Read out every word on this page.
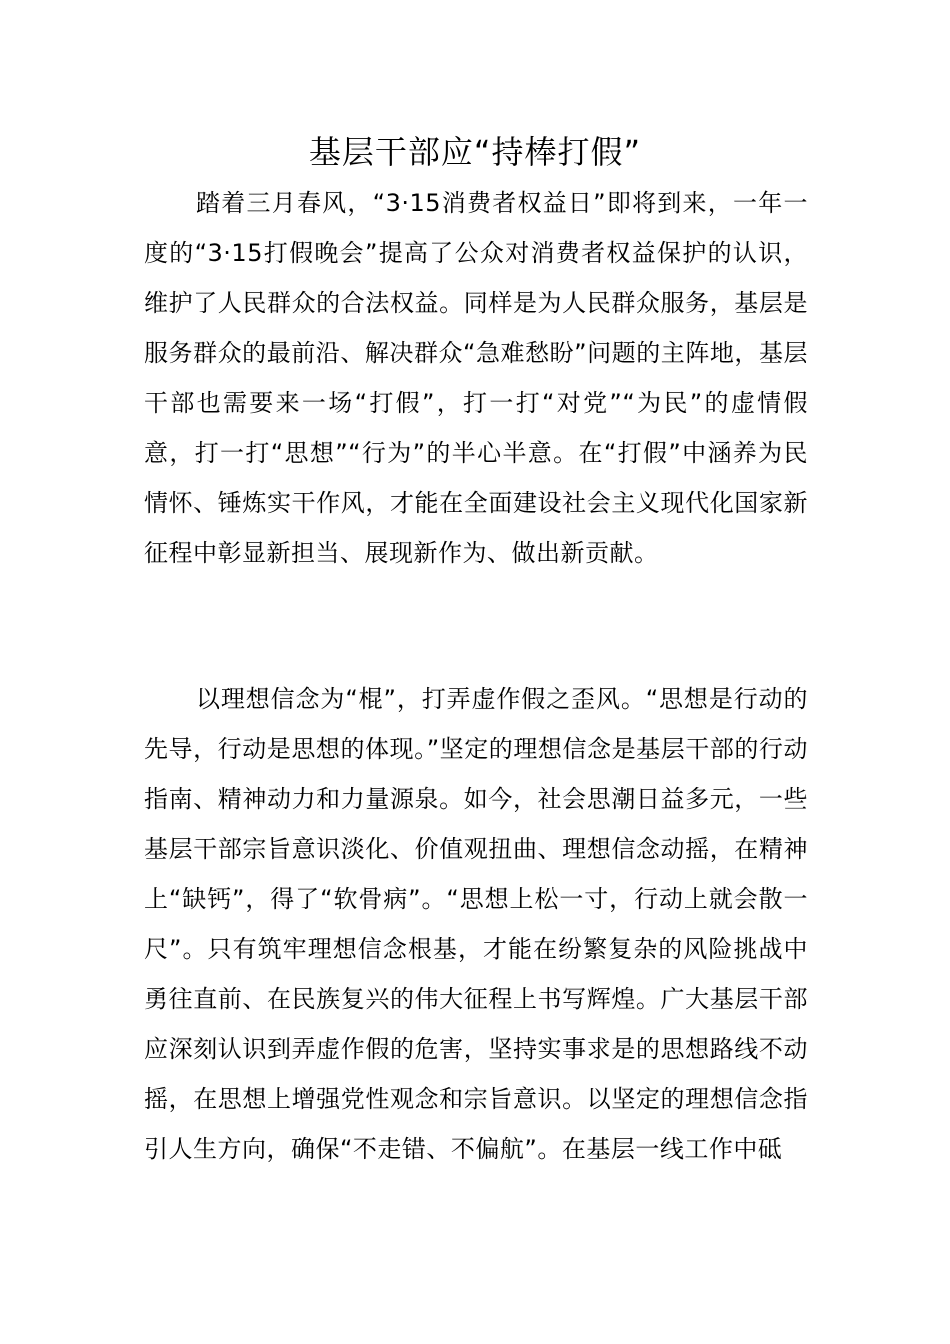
基层干部应“持棒打假”

踏着三月春风，“3·15消费者权益日”即将到来，一年一度的“3·15打假晚会”提高了公众对消费者权益保护的认识，维护了人民群众的合法权益。同样是为人民群众服务，基层是服务群众的最前沿、解决群众“急难愁盼”问题的主阵地，基层干部也需要来一场“打假”，打一打“对党”“为民”的虚情假意，打一打“思想”“行为”的半心半意。在“打假”中涵养为民情怀、锤炼实干作风，才能在全面建设社会主义现代化国家新征程中彰显新担当、展现新作为、做出新贡献。

以理想信念为“棍”，打弄虚作假之歪风。“思想是行动的先导，行动是思想的体现。”坚定的理想信念是基层干部的行动指南、精神动力和力量源泉。如今，社会思潮日益多元，一些基层干部宗旨意识淡化、价值观扭曲、理想信念动摇，在精神上“缺钙”，得了“软骨病”。“思想上松一寸，行动上就会散一尺”。只有筑牢理想信念根基，才能在纷繁复杂的风险挑战中勇往直前、在民族复兴的伟大征程上书写辉煌。广大基层干部应深刻认识到弄虚作假的危害，坚持实事求是的思想路线不动摇，在思想上增强党性观念和宗旨意识。以坚定的理想信念指引人生方向，确保“不走错、不偏航”。在基层一线工作中砥
